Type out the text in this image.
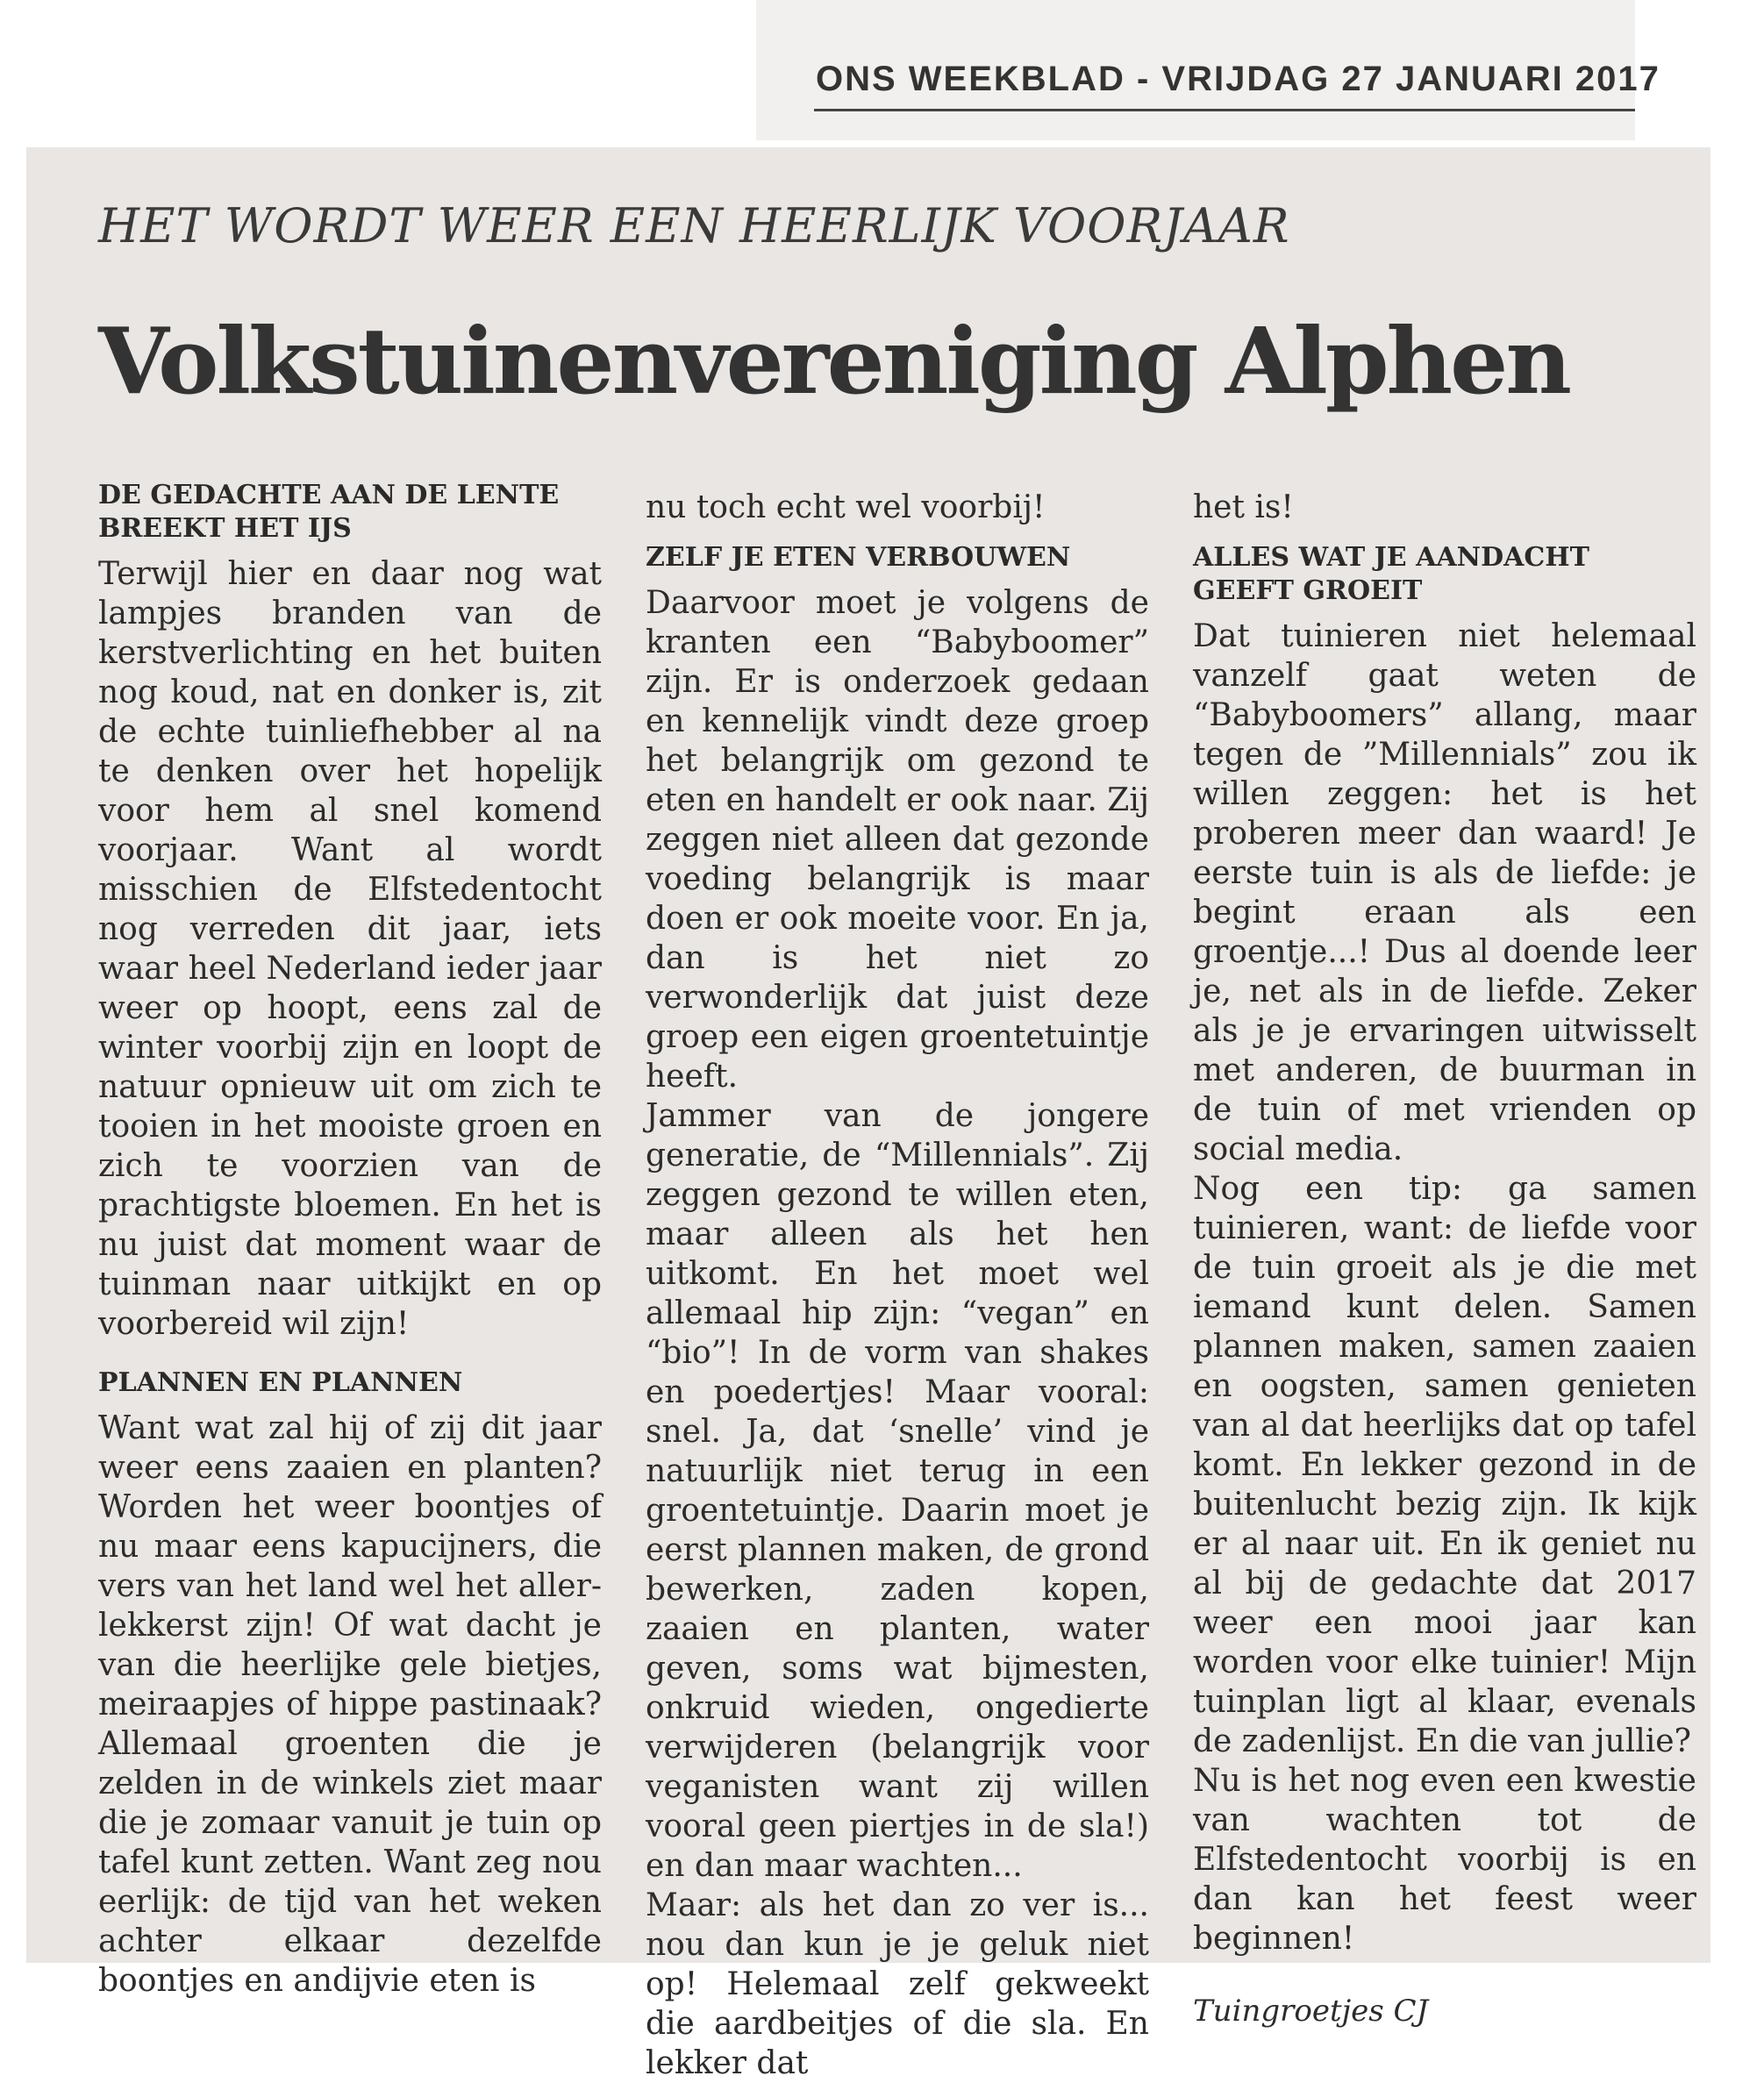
ONS WEEKBLAD - VRIJDAG 27 JANUARI 2017
HET WORDT WEER EEN HEERLIJK VOORJAAR
Volkstuinenvereniging Alphen
DE GEDACHTE AAN DE LENTE BREEKT HET IJS

Terwijl hier en daar nog wat lampjes branden van de kerstverlichting en het buiten nog koud, nat en donker is, zit de echte tuinliefhebber al na te denken over het hopelijk voor hem al snel komend voorjaar. Want al wordt misschien de Elfstedentocht nog verreden dit jaar, iets waar heel Nederland ieder jaar weer op hoopt, eens zal de winter voorbij zijn en loopt de natuur opnieuw uit om zich te tooien in het mooiste groen en zich te voorzien van de prachtigste bloemen. En het is nu juist dat moment waar de tuinman naar uitkijkt en op voorbereid wil zijn!

PLANNEN EN PLANNEN

Want wat zal hij of zij dit jaar weer eens zaaien en planten? Worden het weer boontjes of nu maar eens kapucijners, die vers van het land wel het aller-lekkerst zijn! Of wat dacht je van die heerlijke gele bietjes, meiraapjes of hippe pastinaak? Allemaal groenten die je zelden in de winkels ziet maar die je zomaar vanuit je tuin op tafel kunt zetten. Want zeg nou eerlijk: de tijd van het weken achter elkaar dezelfde boontjes en andijvie eten is

nu toch echt wel voorbij!

ZELF JE ETEN VERBOUWEN

Daarvoor moet je volgens de kranten een “Babyboomer” zijn. Er is onderzoek gedaan en kennelijk vindt deze groep het belangrijk om gezond te eten en handelt er ook naar. Zij zeggen niet alleen dat gezonde voeding belangrijk is maar doen er ook moeite voor. En ja, dan is het niet zo verwonderlijk dat juist deze groep een eigen groentetuintje heeft.

Jammer van de jongere generatie, de “Millennials”. Zij zeggen gezond te willen eten, maar alleen als het hen uitkomt. En het moet wel allemaal hip zijn: “vegan” en “bio”! In de vorm van shakes en poedertjes! Maar vooral: snel. Ja, dat ‘snelle’ vind je natuurlijk niet terug in een groentetuintje. Daarin moet je eerst plannen maken, de grond bewerken, zaden kopen, zaaien en planten, water geven, soms wat bijmesten, onkruid wieden, ongedierte verwijderen (belangrijk voor veganisten want zij willen vooral geen piertjes in de sla!) en dan maar wachten...

Maar: als het dan zo ver is... nou dan kun je je geluk niet op! Helemaal zelf gekweekt die aardbeitjes of die sla. En lekker dat

het is!

ALLES WAT JE AANDACHT GEEFT GROEIT

Dat tuinieren niet helemaal vanzelf gaat weten de “Babyboomers” allang, maar tegen de ”Millennials” zou ik willen zeggen: het is het proberen meer dan waard! Je eerste tuin is als de liefde: je begint eraan als een groentje...! Dus al doende leer je, net als in de liefde. Zeker als je je ervaringen uitwisselt met anderen, de buurman in de tuin of met vrienden op social media.

Nog een tip: ga samen tuinieren, want: de liefde voor de tuin groeit als je die met iemand kunt delen. Samen plannen maken, samen zaaien en oogsten, samen genieten van al dat heerlijks dat op tafel komt. En lekker gezond in de buitenlucht bezig zijn. Ik kijk er al naar uit. En ik geniet nu al bij de gedachte dat 2017 weer een mooi jaar kan worden voor elke tuinier! Mijn tuinplan ligt al klaar, evenals de zadenlijst. En die van jullie?

Nu is het nog even een kwestie van wachten tot de Elfstedentocht voorbij is en dan kan het feest weer beginnen!

Tuingroetjes CJ
